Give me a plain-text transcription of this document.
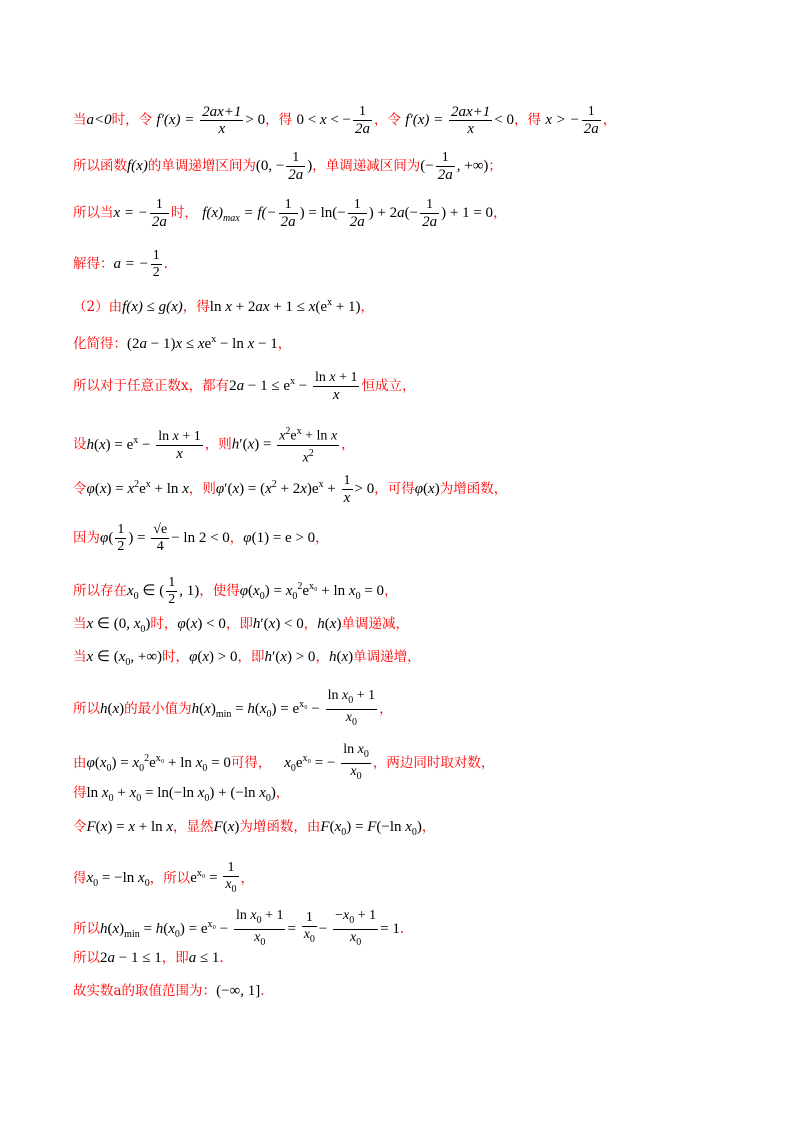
当a<0时，令 $f'(x) = \frac{2ax+1}{x} > 0$，得 0 < x < − $\frac{1}{2a}$ ，令 $f'(x) = \frac{2ax+1}{x} < 0$，得 x > − $\frac{1}{2a}$ ，
所以函数f(x)的单调递增区间为(0, − $\frac{1}{2a}$ )，单调递减区间为(− $\frac{1}{2a}$ , +∞)；
所以当x = − $\frac{1}{2a}$ 时， $f(x)_{max} = f(- \frac{1}{2a}$ ) = $\ln(- \frac{1}{2a}$ ) + $2a(- \frac{1}{2a}$ ) + 1 = 0，
解得：a = − $\frac{1}{2}$ .
（2）由f(x) ≤ g(x)，得$\ln x + 2ax + 1 \le x(e^x + 1)$，
化简得：$(2a - 1)x \le xe^x - \ln x - 1$，
所以对于任意正数x，都有$2a - 1 \le e^x - \frac{\text{ln x + 1}}{x}$ 恒成立，
设$h(x) = e^x - \frac{\text{ln x + 1}}{x}$ ，则$h'(x) = \frac{x^2e^x + \ln x}{x^2}$ ，
令$\varphi(x) = x^2e^x + \ln x$，则$\varphi'(x) = (x^2 + 2x)e^x + \frac{1}{x} > 0$，可得φ(x)为增函数，
因为$\varphi( \frac{1}{2}$ ) = $\frac{√e}{4} - \ln 2 < 0$，φ(1) = e > 0，
所以存在$x_0$ ∈ ( $\frac{1}{2}$ , 1)，使得$\varphi(x_0) = x_0^2e^{x_0} + \ln x_0 = 0$，
当x ∈ (0, $x_0$)时，φ(x) < 0，即h′(x) < 0，h(x)单调递减，
当x ∈ ($x_0$, +∞)时，φ(x) > 0，即h′(x) > 0，h(x)单调递增，
所以h(x)的最小值为$h(x)_{min} = h(x_0) = e^{x_0} - \frac{\ln x_0 + 1}{x_0}$ ，
由$\varphi(x_0) = x_0^2e^{x_0} + \ln x_0 = 0$可得， $x_0e^{x_0}$ = − $\frac{\ln x_0}{x_0}$ ，两边同时取对数，
得$\ln x_0 + x_0 = \ln(-\ln$ $x_0) + (-\ln$ $x_0$)，
令F(x) = x + ln x，显然F(x)为增函数，由$F(x_0) = F(-\ln$ $x_0$)，
得$x_0 = -\ln$ $x_0$，所以$e^{x_0} = \frac{1}{x_0}$ ，
所以$h(x)_{min} = h(x_0) = e^{x_0} - \frac{\ln x_0 + 1}{x_0} = \frac{1}{x_0} - \frac{-x_0 + 1}{x_0} = 1$.
所以2a − 1 ≤ 1，即a ≤ 1.
故实数a的取值范围为：(−∞, 1].
